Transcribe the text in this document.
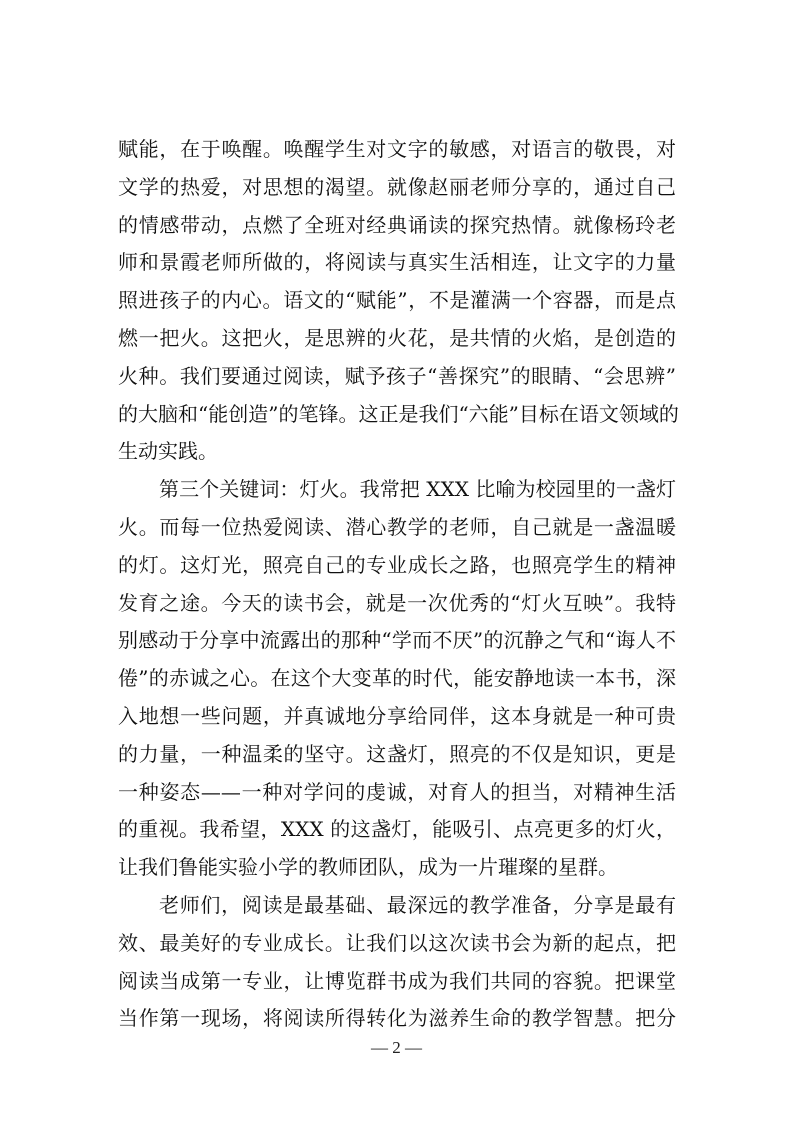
赋能，在于唤醒。唤醒学生对文字的敏感，对语言的敬畏，对
文学的热爱，对思想的渴望。就像赵丽老师分享的，通过自己
的情感带动，点燃了全班对经典诵读的探究热情。就像杨玲老
师和景霞老师所做的，将阅读与真实生活相连，让文字的力量
照进孩子的内心。语文的“赋能”，不是灌满一个容器，而是点
燃一把火。这把火，是思辨的火花，是共情的火焰，是创造的
火种。我们要通过阅读，赋予孩子“善探究”的眼睛、“会思辨”
的大脑和“能创造”的笔锋。这正是我们“六能”目标在语文领域的
生动实践。
第三个关键词：灯火。我常把 XXX 比喻为校园里的一盏灯
火。而每一位热爱阅读、潜心教学的老师，自己就是一盏温暖
的灯。这灯光，照亮自己的专业成长之路，也照亮学生的精神
发育之途。今天的读书会，就是一次优秀的“灯火互映”。我特
别感动于分享中流露出的那种“学而不厌”的沉静之气和“诲人不
倦”的赤诚之心。在这个大变革的时代，能安静地读一本书，深
入地想一些问题，并真诚地分享给同伴，这本身就是一种可贵
的力量，一种温柔的坚守。这盏灯，照亮的不仅是知识，更是
一种姿态——一种对学问的虔诚，对育人的担当，对精神生活
的重视。我希望，XXX 的这盏灯，能吸引、点亮更多的灯火，
让我们鲁能实验小学的教师团队，成为一片璀璨的星群。
老师们，阅读是最基础、最深远的教学准备，分享是最有
效、最美好的专业成长。让我们以这次读书会为新的起点，把
阅读当成第一专业，让博览群书成为我们共同的容貌。把课堂
当作第一现场，将阅读所得转化为滋养生命的教学智慧。把分
— 2 —
